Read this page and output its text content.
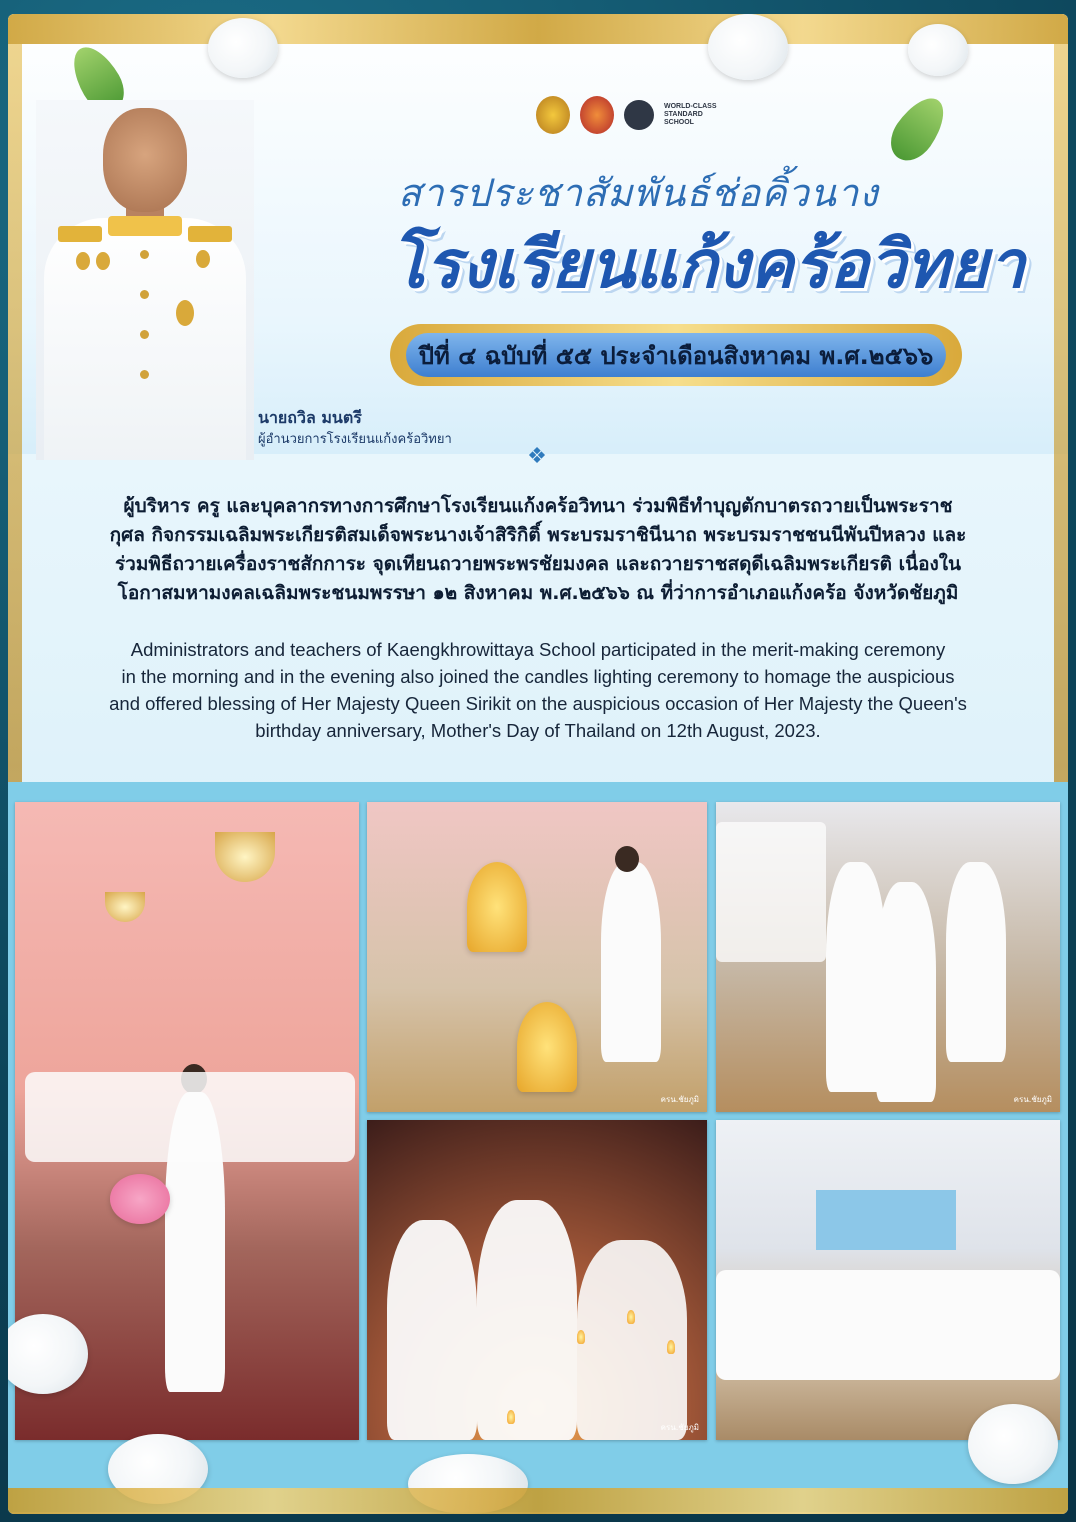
WORLD-CLASS STANDARD SCHOOL
สารประชาสัมพันธ์ช่อคิ้วนาง
โรงเรียนแก้งคร้อวิทยา
ปีที่ ๔ ฉบับที่ ๕๕ ประจำเดือนสิงหาคม พ.ศ.๒๕๖๖
นายถวิล มนตรี
ผู้อำนวยการโรงเรียนแก้งคร้อวิทยา
❖
ผู้บริหาร ครู และบุคลากรทางการศึกษาโรงเรียนแก้งคร้อวิทนา ร่วมพิธีทำบุญตักบาตรถวายเป็นพระราช
กุศล กิจกรรมเฉลิมพระเกียรติสมเด็จพระนางเจ้าสิริกิติ์ พระบรมราชินีนาถ พระบรมราชชนนีพันปีหลวง และ
ร่วมพิธีถวายเครื่องราชสักการะ จุดเทียนถวายพระพรชัยมงคล และถวายราชสดุดีเฉลิมพระเกียรติ เนื่องใน
โอกาสมหามงคลเฉลิมพระชนมพรรษา ๑๒ สิงหาคม พ.ศ.๒๕๖๖ ณ ที่ว่าการอำเภอแก้งคร้อ จังหวัดชัยภูมิ
Administrators and teachers of Kaengkhrowittaya School participated in the merit-making ceremony
in the morning and in the evening also joined the candles lighting ceremony to homage the auspicious
and offered blessing of Her Majesty Queen Sirikit on the auspicious occasion of Her Majesty the Queen's
birthday anniversary, Mother's Day of Thailand on 12th August, 2023.
ครน.ชัยภูมิ	ครน.ชัยภูมิ
ครน.ชัยภูมิ
